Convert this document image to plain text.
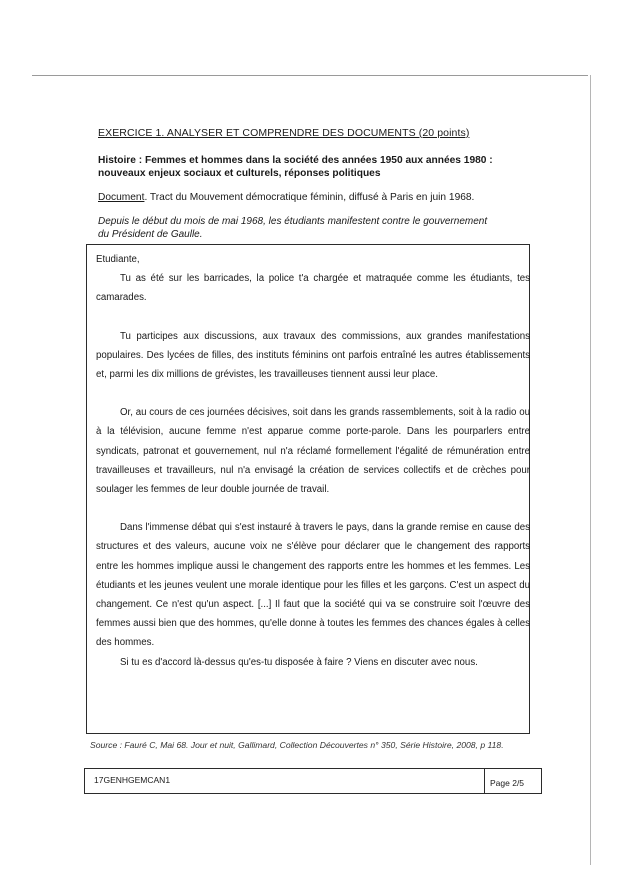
EXERCICE 1. ANALYSER ET COMPRENDRE DES DOCUMENTS (20 points)
Histoire : Femmes et hommes dans la société des années 1950 aux années 1980 :
nouveaux enjeux sociaux et culturels, réponses politiques
Document. Tract du Mouvement démocratique féminin, diffusé à Paris en juin 1968.
Depuis le début du mois de mai 1968, les étudiants manifestent contre le gouvernement
du Président de Gaulle.

Etudiante,

Tu as été sur les barricades, la police t'a chargée et matraquée comme les étudiants, tes camarades.

Tu participes aux discussions, aux travaux des commissions, aux grandes manifestations populaires. Des lycées de filles, des instituts féminins ont parfois entraîné les autres établissements et, parmi les dix millions de grévistes, les travailleuses tiennent aussi leur place.

Or, au cours de ces journées décisives, soit dans les grands rassemblements, soit à la radio ou à la télévision, aucune femme n'est apparue comme porte-parole. Dans les pourparlers entre syndicats, patronat et gouvernement, nul n'a réclamé formellement l'égalité de rémunération entre travailleuses et travailleurs, nul n'a envisagé la création de services collectifs et de crèches pour soulager les femmes de leur double journée de travail.

Dans l'immense débat qui s'est instauré à travers le pays, dans la grande remise en cause des structures et des valeurs, aucune voix ne s'élève pour déclarer que le changement des rapports entre les hommes implique aussi le changement des rapports entre les hommes et les femmes. Les étudiants et les jeunes veulent une morale identique pour les filles et les garçons. C'est un aspect du changement. Ce n'est qu'un aspect. [...] Il faut que la société qui va se construire soit l'œuvre des femmes aussi bien que des hommes, qu'elle donne à toutes les femmes des chances égales à celles des hommes.

Si tu es d'accord là-dessus qu'es-tu disposée à faire ? Viens en discuter avec nous.

Source : Fauré C, Mai 68. Jour et nuit, Gallimard, Collection Découvertes n° 350, Série Histoire, 2008, p 118.
17GENHGEMCAN1	Page 2/5
